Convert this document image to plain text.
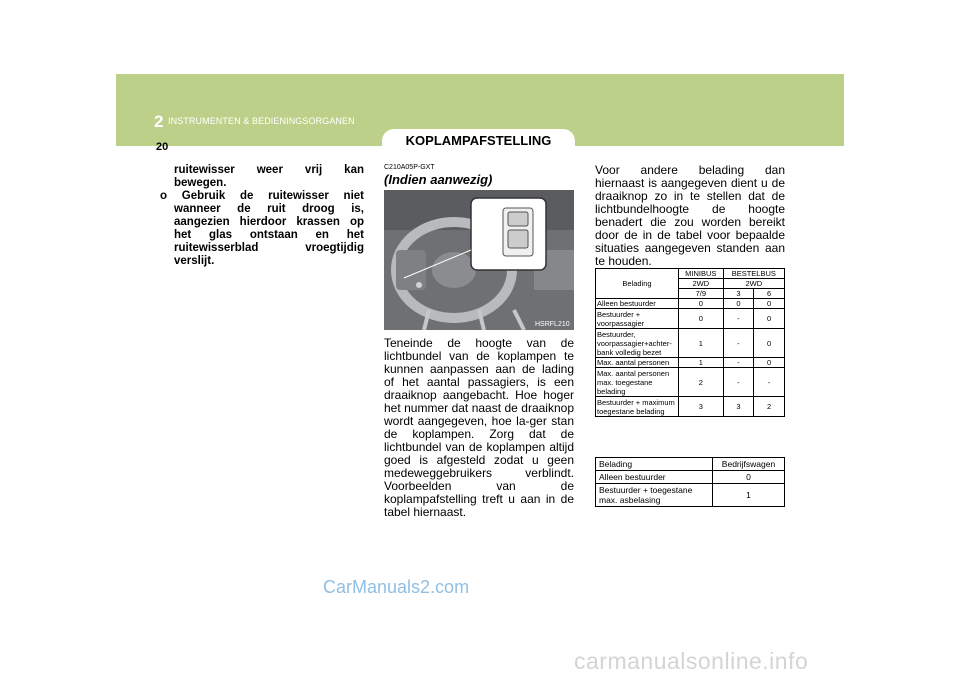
2 INSTRUMENTEN & BEDIENINGSORGANEN
20	KOPLAMPAFSTELLING

ruitewisser weer vrij kan

bewegen.

o Gebruik de ruitewisser niet

wanneer de ruit droog is,

aangezien hierdoor krassen op

het glas ontstaan en het

ruitewisserblad vroegtijdig

verslijt.

C210A05P-GXT
(Indien aanwezig)
HSRFL210
Teneinde de hoogte van de lichtbundel van de koplampen te kunnen aanpassen aan de lading of het aantal passagiers, is een draaiknop aangebacht. Hoe hoger het nummer dat naast de draaiknop wordt aangegeven, hoe la-ger stan de koplampen. Zorg dat de lichtbundel van de koplampen altijd goed is afgesteld zodat u geen medeweggebruikers verblindt. Voorbeelden van de koplampafstelling treft u aan in de tabel hiernaast.
Voor andere belading dan hiernaast is aangegeven dient u de draaiknop zo in te stellen dat de lichtbundelhoogte de hoogte benadert die zou worden bereikt door de in de tabel voor bepaalde situaties aangegeven standen aan te houden.
Belading	MINIBUS	BESTELBUS	
	2WD	2WD	
	7/9	3	6
Alleen bestuurder	0	0	0
Bestuurder + voorpassagier	0	-	0
Bestuurder, voorpassagier+achter-bank volledig bezet	1	-	0
Max. aantal personen	1	-	0
Max. aantal personen max. toegestane belading	2	-	-
Bestuurder + maximum toegestane belading	3	3	2
Belading	Bedrijfswagen
Alleen bestuurder	0
Bestuurder + toegestane max. asbelasing	1
CarManuals2.com
carmanualsonline.info
